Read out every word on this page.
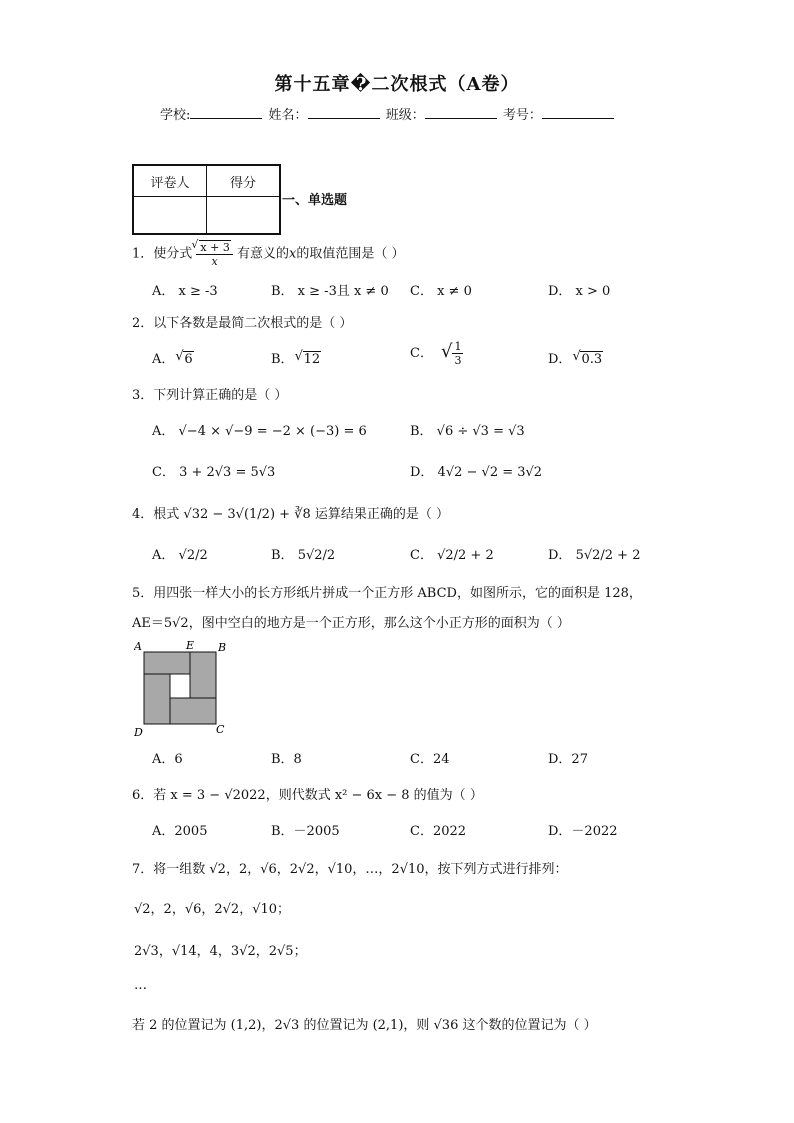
第十五章�二次根式（A卷）
学校:	姓名：	班级：	考号：
评卷人	得分

一、单选题
1．使分式 √ $\frac{x + 3}{x}$ 有意义的x的取值范围是（ ）
A． x ≥ -3	B． x ≥ -3且 x ≠ 0 C． x ≠ 0	D． x > 0
2．以下各数是最简二次根式的是（ ）
A． √ 6	B． √ 12	C． √ $\frac{1}{3}$	D． √ 0.3
3．下列计算正确的是（ ）
A． √−4 × √−9 = −2 × (−3) = 6	B． √6 ÷ √3 = √3
C． 3 + 2√3 = 5√3	D． 4√2 − √2 = 3√2
4．根式 √32 − 3√(1/2) + ∛8 运算结果正确的是（ ）
A． √2/2	B． 5√2/2	C． √2/2 + 2	D． 5√2/2 + 2
5．用四张一样大小的长方形纸片拼成一个正方形 ABCD，如图所示，它的面积是 128，
AE＝5√2，图中空白的地方是一个正方形，那么这个小正方形的面积为（ ）
A	E B
D	C
A．6	B．8	C．24	D．27
6．若 x = 3 − √2022，则代数式 x² − 6x − 8 的值为（ ）
A．2005	B．－2005	C．2022	D．－2022
7．将一组数 √2，2，√6，2√2，√10，…，2√10，按下列方式进行排列：
√2，2，√6，2√2，√10；
2√3，√14，4，3√2，2√5；
…
若 2 的位置记为 (1,2)，2√3 的位置记为 (2,1)，则 √36 这个数的位置记为（ ）
